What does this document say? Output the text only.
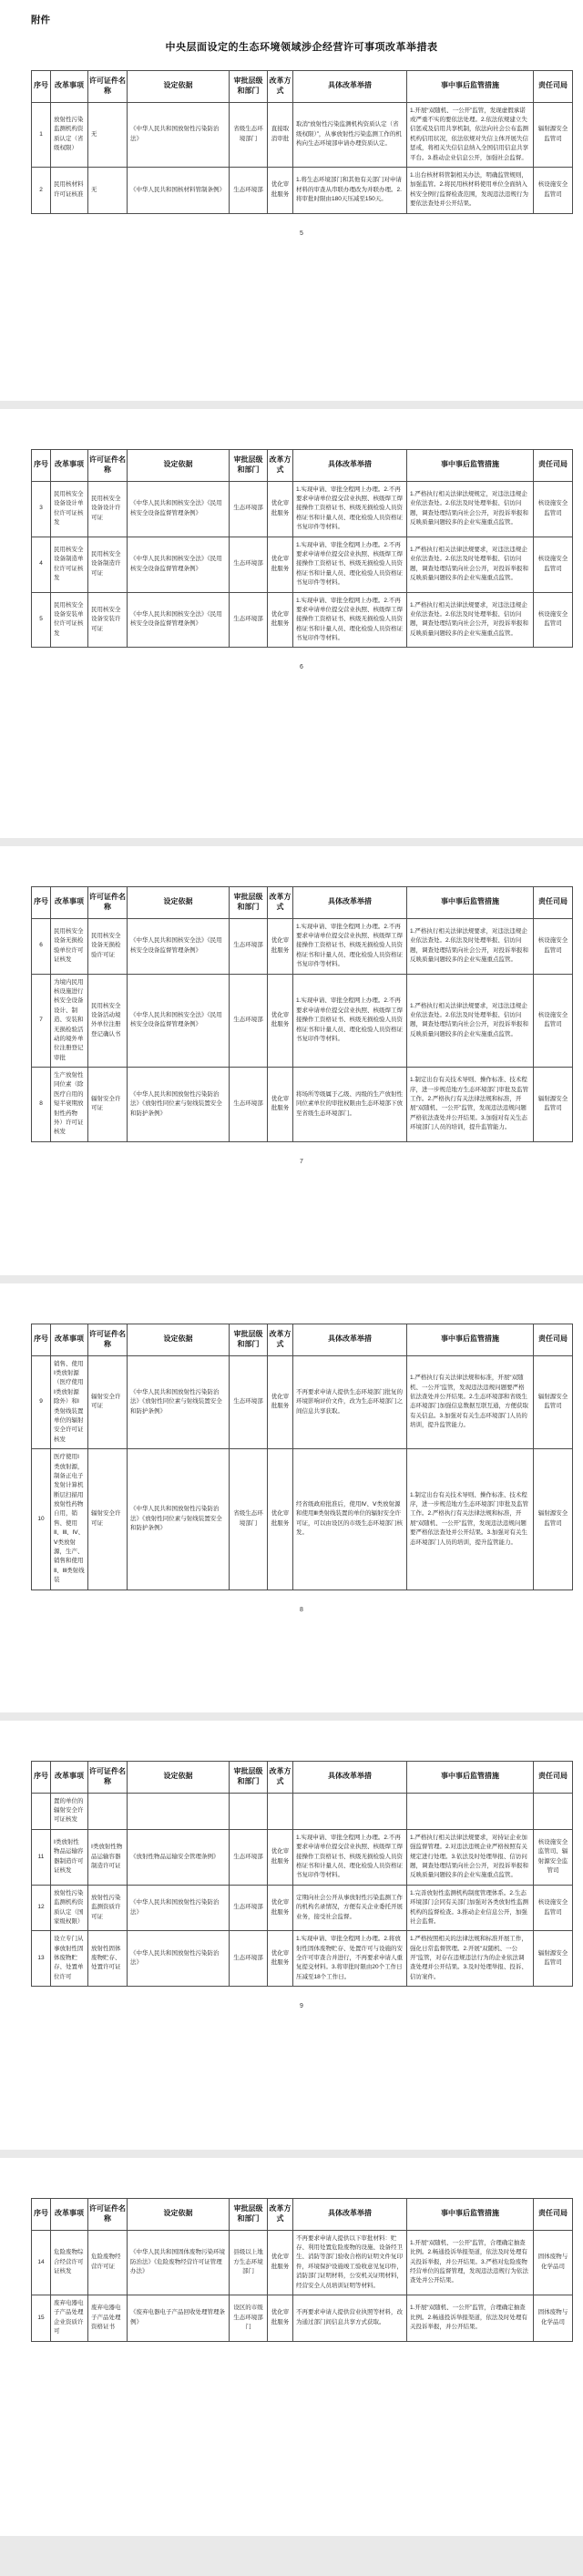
附件
中央层面设定的生态环境领域涉企经营许可事项改革举措表
序号	改革事项	许可证件名称	设定依据	审批层级和部门	改革方式	具体改革举措	事中事后监管措施	责任司局
1	放射性污染监测机构资质认定（省级权限）	无	《中华人民共和国放射性污染防治法》	省级生态环境部门	直接取消审批	取消“放射性污染监测机构资质认定（省级权限）”，从事放射性污染监测工作的机构向生态环境部申请办理资质认定。	1.开展“双随机、一公开”监管，发现虚假承诺或严重不实的要依法处理。2.依法依规建立失信惩戒及信用共享机制，依法向社会公布监测机构信用状况，依法依规对失信主体开展失信惩戒，将相关失信信息纳入全国信用信息共享平台。3.推动企业信息公开，加强社会监督。	辐射源安全监管司
2	民用核材料许可证核准	无	《中华人民共和国核材料管制条例》	生态环境部	优化审批服务	1.将生态环境部门和其他有关部门对申请材料的审查从串联办理改为并联办理。2.将审批时限由180天压减至150天。	1.出台核材料管制相关办法，明确监管规则，加强监管。2.将民用核材料使用单位全面纳入核安全例行监督检查范围，发现违法违规行为要依法查处并公开结果。	核设施安全监管司
5
序号	改革事项	许可证件名称	设定依据	审批层级和部门	改革方式	具体改革举措	事中事后监管措施	责任司局
3	民用核安全设备设计单位许可证核发	民用核安全设备设计许可证	《中华人民共和国核安全法》《民用核安全设备监督管理条例》	生态环境部	优化审批服务	1.实现申请、审批全程网上办理。2.不再要求申请单位提交营业执照、核级焊工焊接操作工资格证书、核级无损检验人员资格证书和计量人员、理化检验人员资格证书复印件等材料。	1.严格执行相关法律法规规定，对违法违规企业依法查处。2.依法及时处理举报、信访问题，调查处理结果向社会公开，对投诉举报和反映质量问题较多的企业实施重点监管。	核设施安全监管司
4	民用核安全设备制造单位许可证核发	民用核安全设备制造许可证	《中华人民共和国核安全法》《民用核安全设备监督管理条例》	生态环境部	优化审批服务	1.实现申请、审批全程网上办理。2.不再要求申请单位提交营业执照、核级焊工焊接操作工资格证书、核级无损检验人员资格证书和计量人员、理化检验人员资格证书复印件等材料。	1.严格执行相关法律法规要求，对违法违规企业依法查处。2.依法及时处理举报、信访问题，调查处理结果向社会公开，对投诉举报和反映质量问题较多的企业实施重点监管。	核设施安全监管司
5	民用核安全设备安装单位许可证核发	民用核安全设备安装许可证	《中华人民共和国核安全法》《民用核安全设备监督管理条例》	生态环境部	优化审批服务	1.实现申请、审批全程网上办理。2.不再要求申请单位提交营业执照、核级焊工焊接操作工资格证书、核级无损检验人员资格证书和计量人员、理化检验人员资格证书复印件等材料。	1.严格执行相关法律法规要求，对违法违规企业依法查处。2.依法及时处理举报、信访问题，调查处理结果向社会公开，对投诉举报和反映质量问题较多的企业实施重点监管。	核设施安全监管司
6
序号	改革事项	许可证件名称	设定依据	审批层级和部门	改革方式	具体改革举措	事中事后监管措施	责任司局
6	民用核安全设备无损检验单位许可证核发	民用核安全设备无损检验许可证	《中华人民共和国核安全法》《民用核安全设备监督管理条例》	生态环境部	优化审批服务	1.实现申请、审批全程网上办理。2.不再要求申请单位提交营业执照、核级焊工焊接操作工资格证书、核级无损检验人员资格证书和计量人员、理化检验人员资格证书复印件等材料。	1.严格执行相关法律法规要求，对违法违规企业依法查处。2.依法及时处理举报、信访问题，调查处理结果向社会公开，对投诉举报和反映质量问题较多的企业实施重点监管。	核设施安全监管司
7	为境内民用核设施进行核安全设备设计、制造、安装和无损检验活动的境外单位注册登记审批	民用核安全设备活动境外单位注册登记确认书	《中华人民共和国核安全法》《民用核安全设备监督管理条例》	生态环境部	优化审批服务	1.实现申请、审批全程网上办理。2.不再要求申请单位提交营业执照、核级焊工焊接操作工资格证书、核级无损检验人员资格证书和计量人员、理化检验人员资格证书复印件等材料。	1.严格执行相关法律法规要求，对违法违规企业依法查处。2.依法及时处理举报、信访问题，调查处理结果向社会公开，对投诉举报和反映质量问题较多的企业实施重点监管。	核设施安全监管司
8	生产放射性同位素（除医疗自用的短半衰期放射性药物外）许可证核发	辐射安全许可证	《中华人民共和国放射性污染防治法》《放射性同位素与射线装置安全和防护条例》	生态环境部	优化审批服务	将场所等级属于乙级、丙级的生产放射性同位素单位的审批权限由生态环境部下放至省级生态环境部门。	1.制定出台有关技术导则、操作标准、技术程序，进一步规范地方生态环境部门审批及监管工作。2.严格执行有关法律法规和标准，开展“双随机、一公开”监管，发现违法违规问题严格依法查处并公开结果。3.加强对有关生态环境部门人员的培训，提升监管能力。	辐射源安全监管司
7
序号	改革事项	许可证件名称	设定依据	审批层级和部门	改革方式	具体改革举措	事中事后监管措施	责任司局
9	销售、使用Ⅰ类放射源（医疗使用Ⅰ类放射源除外）和Ⅰ类射线装置单位的辐射安全许可证核发	辐射安全许可证	《中华人民共和国放射性污染防治法》《放射性同位素与射线装置安全和防护条例》	生态环境部	优化审批服务	不再要求申请人提供生态环境部门批复的环境影响评价文件，改为生态环境部门之间信息共享获取。	1.严格执行有关法律法规和标准，开展“双随机、一公开”监管，发现违法违规问题要严格依法查处并公开结果。2.生态环境部和省级生态环境部门加强信息数据互联互通，方便获取有关信息。3.加强对有关生态环境部门人员的培训，提升监管能力。	辐射源安全监管司
10	医疗使用Ⅰ类放射源，制备正电子发射计算机断层扫描用放射性药物自用，销售、使用Ⅱ、Ⅲ、Ⅳ、Ⅴ类放射源，生产、销售和使用Ⅱ、Ⅲ类射线装	辐射安全许可证	《中华人民共和国放射性污染防治法》《放射性同位素与射线装置安全和防护条例》	省级生态环境部门	优化审批服务	经省级政府批准后，使用Ⅳ、Ⅴ类放射源和使用Ⅲ类射线装置的单位的辐射安全许可证，可以由设区的市级生态环境部门核发。	1.制定出台有关技术导则、操作标准、技术程序，进一步规范地方生态环境部门审批及监管工作。2.严格执行有关法律法规和标准，开展“双随机、一公开”监管，发现违法违规问题要严格依法查处并公开结果。3.加强对有关生态环境部门人员的培训，提升监管能力。	辐射源安全监管司
8
序号	改革事项	许可证件名称	设定依据	审批层级和部门	改革方式	具体改革举措	事中事后监管措施	责任司局
	置的单位的辐射安全许可证核发							
11	Ⅰ类放射性物品运输容器制造许可证核发	Ⅰ类放射性物品运输容器制造许可证	《放射性物品运输安全管理条例》	生态环境部	优化审批服务	1.实现申请、审批全程网上办理。2.不再要求申请单位提交营业执照、核级焊工焊接操作工资格证书、核级无损检验人员资格证书和计量人员、理化检验人员资格证书复印件等材料。	1.严格执行相关法律法规要求，对持证企业加强监督管理。2.对违法违规企业严格按照有关规定进行处理。3.依法及时处理举报、信访问题，调查处理结果向社会公开，对投诉举报和反映质量问题较多的企业实施重点监管。	核设施安全监管司、辐射源安全监管司
12	放射性污染监测机构资质认定（国家级权限）	放射性污染监测资质许可证	《中华人民共和国放射性污染防治法》	生态环境部	优化审批服务	定期向社会公开从事放射性污染监测工作的机构名录情况，方便有关企业委托开展业务，接受社会监督。	1.完善放射性监测机构制度管理体系。2.生态环境部门会同有关部门加强对各类放射性监测机构的监督检查。3.推动企业信息公开，加强社会监督。	核设施安全监管司
13	设立专门从事放射性固体废物贮存、处置单位许可	放射性固体废物贮存、处置许可证	《中华人民共和国放射性污染防治法》	生态环境部	优化审批服务	1.实现申请、审批全程网上办理。2.将放射性固体废物贮存、处置许可与设施的安全许可审查合并进行，不再要求申请人重复提交材料。3.将审批时限由20个工作日压减至18个工作日。	1.严格按照相关的法律法规和标准开展工作，强化日常监督管理。2.开展“双随机、一公开”监管，对存在违规违法行为的企业依法调查处理并公开结果。3.及时处理举报、投诉、信访案件。	辐射源安全监管司
9
序号	改革事项	许可证件名称	设定依据	审批层级和部门	改革方式	具体改革举措	事中事后监管措施	责任司局
14	危险废物综合经营许可证核发	危险废物经营许可证	《中华人民共和国固体废物污染环境防治法》《危险废物经营许可证管理办法》	县级以上地方生态环境部门	优化审批服务	不再要求申请人提供以下审批材料：贮存、利用处置危险废物的设施、设备经卫生、消防等部门验收合格的证明文件复印件，环境保护设施竣工验收意见复印件，消防部门证明材料，公安机关证明材料，经营安全人员培训证明等材料。	1.开展“双随机、一公开”监管，合理确定抽查比例。2.畅通投诉举报渠道，依法及时处理有关投诉举报，并公开结果。3.严格对危险废物经营单位的监督管理，发现违法违规行为依法查处并公开结果。	固体废物与化学品司
15	废弃电器电子产品处理企业资质许可	废弃电器电子产品处理资格证书	《废弃电器电子产品回收处理管理条例》	设区的市级生态环境部门	优化审批服务	不再要求申请人提供营业执照等材料，改为通过部门间信息共享方式获取。	1.开展“双随机、一公开”监管，合理确定抽查比例。2.畅通投诉举报渠道，依法及时处理有关投诉举报，并公开结果。	固体废物与化学品司
